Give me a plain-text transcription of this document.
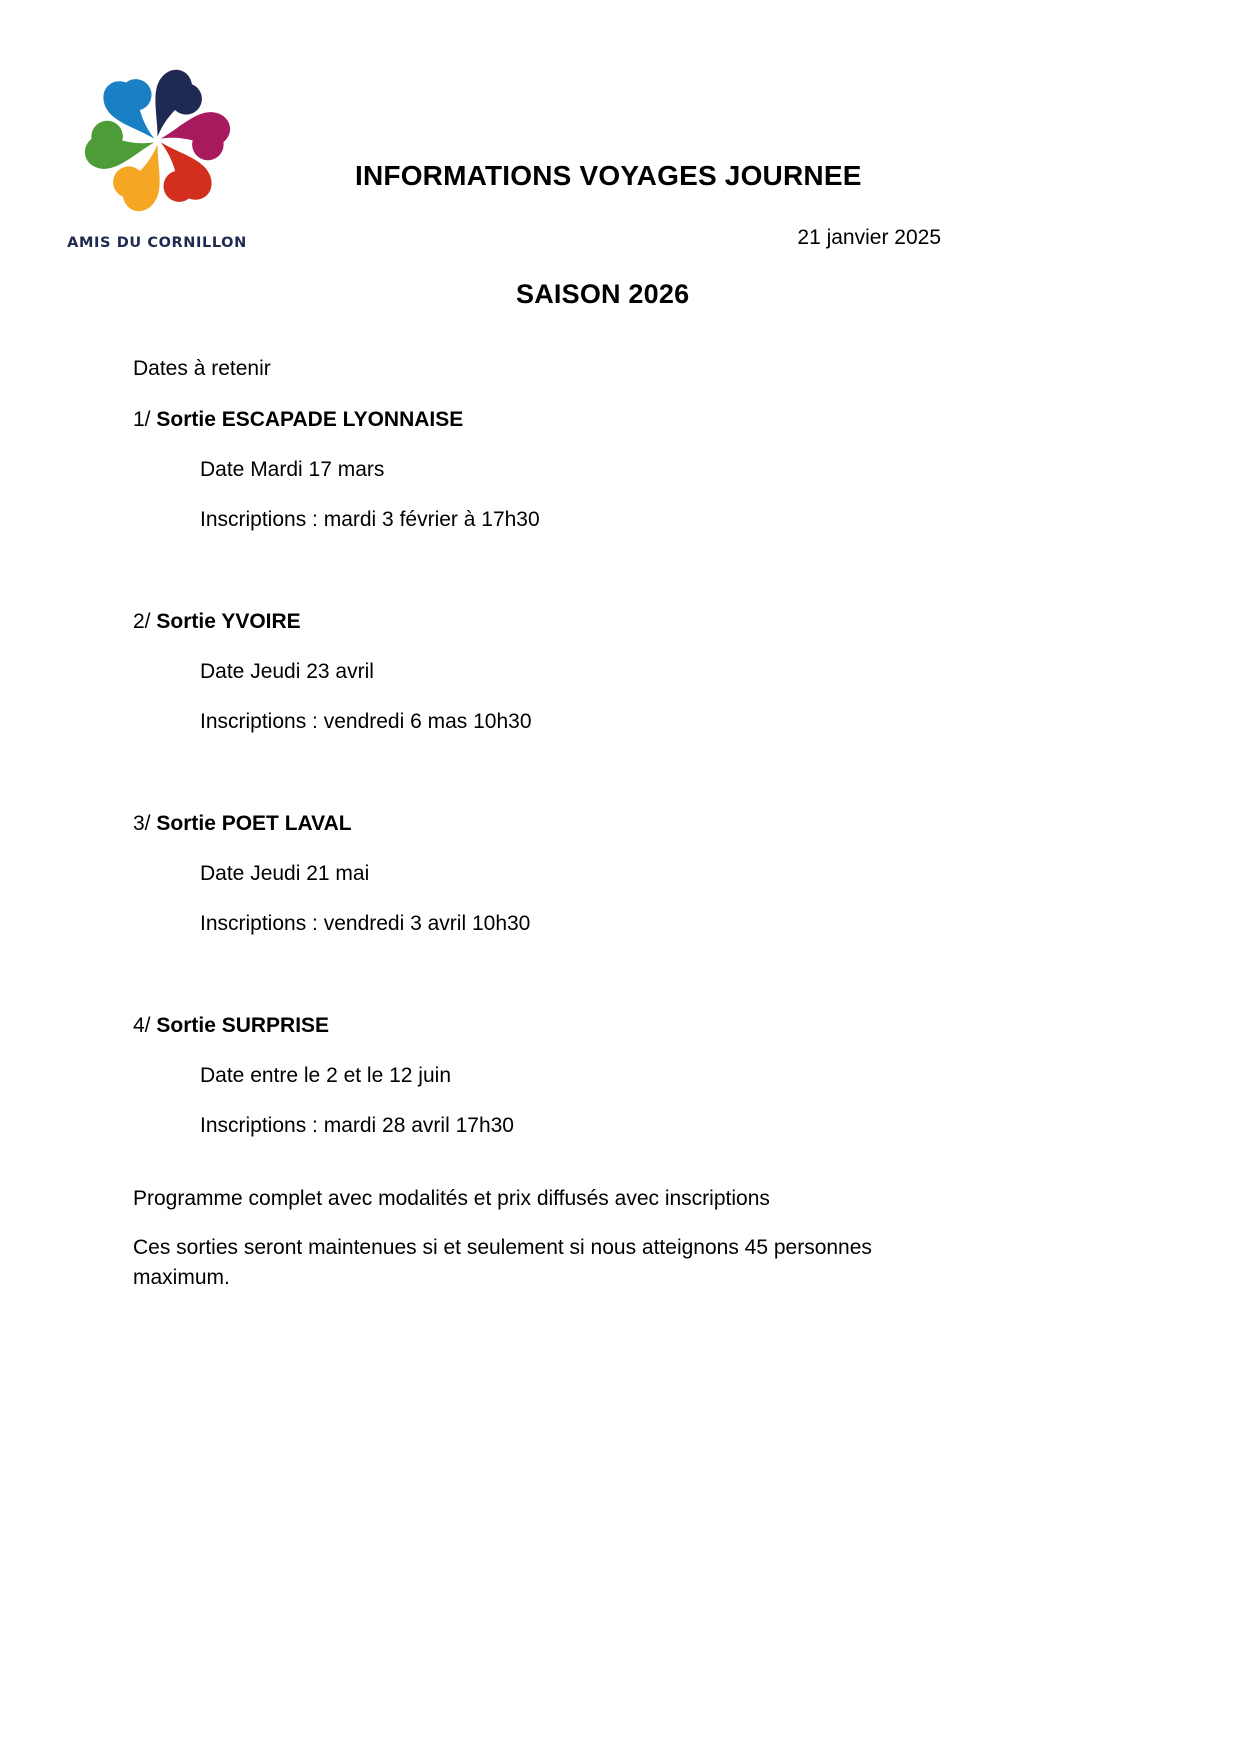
AMIS DU CORNILLON
INFORMATIONS VOYAGES JOURNEE
21 janvier 2025
SAISON 2026
Dates à retenir
1/ Sortie ESCAPADE LYONNAISE
Date Mardi 17 mars
Inscriptions : mardi 3 février à 17h30
2/ Sortie YVOIRE
Date Jeudi 23 avril
Inscriptions : vendredi 6 mas 10h30
3/ Sortie POET LAVAL
Date Jeudi 21 mai
Inscriptions : vendredi 3 avril 10h30
4/ Sortie SURPRISE
Date entre le 2 et le 12 juin
Inscriptions : mardi 28 avril 17h30
Programme complet avec modalités et prix diffusés avec inscriptions
Ces sorties seront maintenues si et seulement si nous atteignons 45 personnes maximum.
